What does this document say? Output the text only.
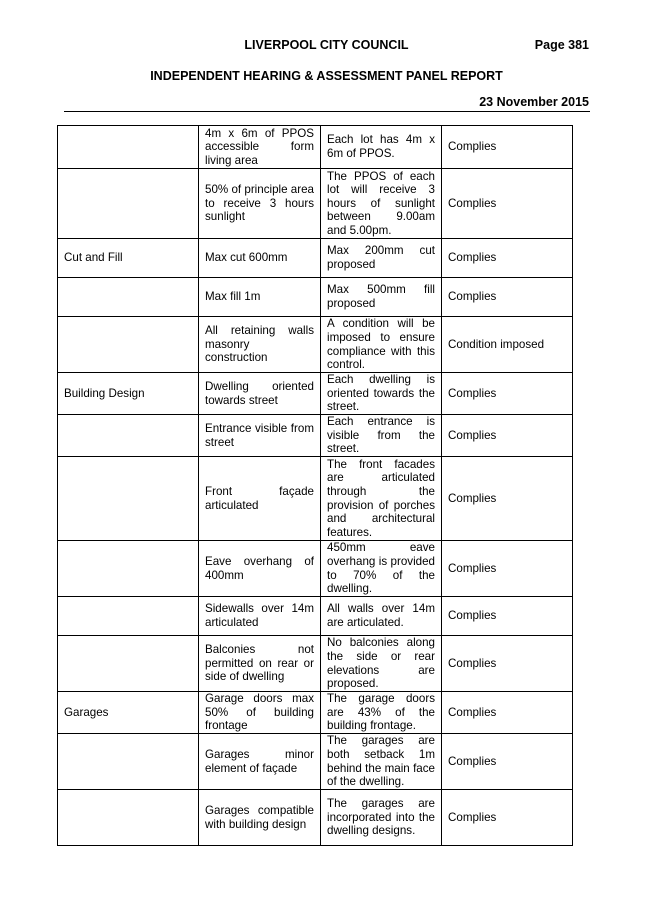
LIVERPOOL CITY COUNCIL	Page 381
INDEPENDENT HEARING & ASSESSMENT PANEL REPORT
23 November 2015
	4m x 6m of PPOS accessible form living area	Each lot has 4m x 6m of PPOS.	Complies
	50% of principle area to receive 3 hours sunlight	The PPOS of each lot will receive 3 hours of sunlight between 9.00am and 5.00pm.	Complies
Cut and Fill	Max cut 600mm	Max 200mm cut proposed	Complies
	Max fill 1m	Max 500mm fill proposed	Complies
	All retaining walls masonry construction	A condition will be imposed to ensure compliance with this control.	Condition imposed
Building Design	Dwelling oriented towards street	Each dwelling is oriented towards the street.	Complies
	Entrance visible from street	Each entrance is visible from the street.	Complies
	Front façade articulated	The front facades are articulated through the provision of porches and architectural features.	Complies
	Eave overhang of 400mm	450mm eave overhang is provided to 70% of the dwelling.	Complies
	Sidewalls over 14m articulated	All walls over 14m are articulated.	Complies
	Balconies not permitted on rear or side of dwelling	No balconies along the side or rear elevations are proposed.	Complies
Garages	Garage doors max 50% of building frontage	The garage doors are 43% of the building frontage.	Complies
	Garages minor element of façade	The garages are both setback 1m behind the main face of the dwelling.	Complies
	Garages compatible with building design	The garages are incorporated into the dwelling designs.	Complies
